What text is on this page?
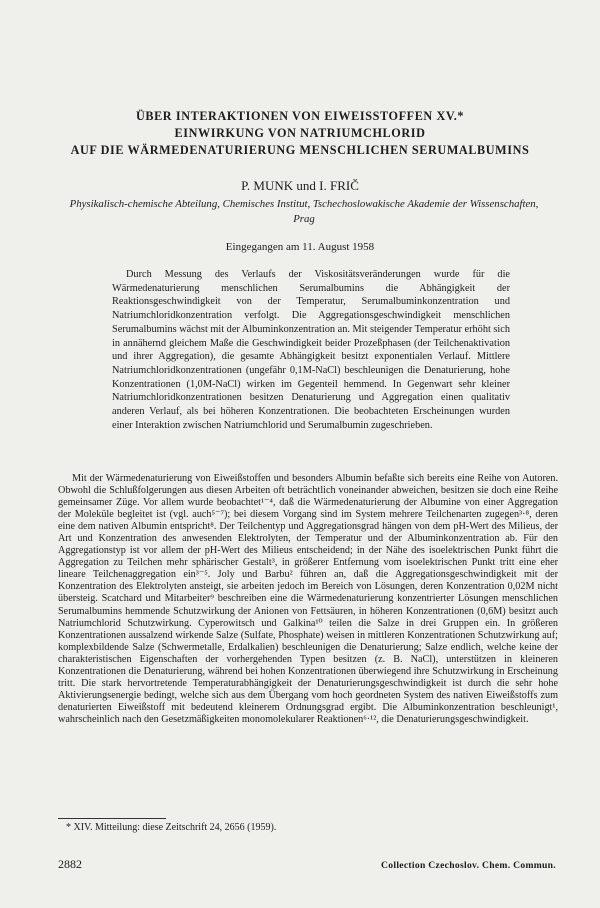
ÜBER INTERAKTIONEN VON EIWEISSTOFFEN XV.*
EINWIRKUNG VON NATRIUMCHLORID
AUF DIE WÄRMEDENATURIERUNG MENSCHLICHEN SERUMALBUMINS
P. MUNK und I. FRIČ
Physikalisch-chemische Abteilung, Chemisches Institut, Tschechoslowakische Akademie der Wissenschaften, Prag
Eingegangen am 11. August 1958

Durch Messung des Verlaufs der Viskositätsveränderungen wurde für die Wärmedenaturierung menschlichen Serumalbumins die Abhängigkeit der Reaktionsgeschwindigkeit von der Temperatur, Serumalbuminkonzentration und Natriumchloridkonzentration verfolgt. Die Aggregationsgeschwindigkeit menschlichen Serumalbumins wächst mit der Albuminkonzentration an. Mit steigender Temperatur erhöht sich in annähernd gleichem Maße die Geschwindigkeit beider Prozeßphasen (der Teilchenaktivation und ihrer Aggregation), die gesamte Abhängigkeit besitzt exponentialen Verlauf. Mittlere Natriumchloridkonzentrationen (ungefähr 0,1M-NaCl) beschleunigen die Denaturierung, hohe Konzentrationen (1,0M-NaCl) wirken im Gegenteil hemmend. In Gegenwart sehr kleiner Natriumchloridkonzentrationen besitzen Denaturierung und Aggregation einen qualitativ anderen Verlauf, als bei höheren Konzentrationen. Die beobachteten Erscheinungen wurden einer Interaktion zwischen Natriumchlorid und Serumalbumin zugeschrieben.

Mit der Wärmedenaturierung von Eiweißstoffen und besonders Albumin befaßte sich bereits eine Reihe von Autoren. Obwohl die Schlußfolgerungen aus diesen Arbeiten oft beträchtlich voneinander abweichen, besitzen sie doch eine Reihe gemeinsamer Züge. Vor allem wurde beobachtet¹⁻⁴, daß die Wärmedenaturierung der Albumine von einer Aggregation der Moleküle begleitet ist (vgl. auch⁵⁻⁷); bei diesem Vorgang sind im System mehrere Teilchenarten zugegen³·⁸, deren eine dem nativen Albumin entspricht⁸. Der Teilchentyp und Aggregationsgrad hängen von dem pH-Wert des Milieus, der Art und Konzentration des anwesenden Elektrolyten, der Temperatur und der Albuminkonzentration ab. Für den Aggregationstyp ist vor allem der pH-Wert des Milieus entscheidend; in der Nähe des isoelektrischen Punkt führt die Aggregation zu Teilchen mehr sphärischer Gestalt³, in größerer Entfernung vom isoelektrischen Punkt tritt eine eher lineare Teilchenaggregation ein³⁻⁵. Joly und Barbu² führen an, daß die Aggregationsgeschwindigkeit mit der Konzentration des Elektrolyten ansteigt, sie arbeiten jedoch im Bereich von Lösungen, deren Konzentration 0,02M nicht übersteig. Scatchard und Mitarbeiter⁹ beschreiben eine die Wärmedenaturierung konzentrierter Lösungen menschlichen Serumalbumins hemmende Schutzwirkung der Anionen von Fettsäuren, in höheren Konzentrationen (0,6M) besitzt auch Natriumchlorid Schutzwirkung. Cyperowitsch und Galkina¹⁰ teilen die Salze in drei Gruppen ein. In größeren Konzentrationen aussalzend wirkende Salze (Sulfate, Phosphate) weisen in mittleren Konzentrationen Schutzwirkung auf; komplexbildende Salze (Schwermetalle, Erdalkalien) beschleunigen die Denaturierung; Salze endlich, welche keine der charakteristischen Eigenschaften der vorhergehenden Typen besitzen (z. B. NaCl), unterstützen in kleineren Konzentrationen die Denaturierung, während bei hohen Konzentrationen überwiegend ihre Schutzwirkung in Erscheinung tritt. Die stark hervortretende Temperaturabhängigkeit der Denaturierungsgeschwindigkeit ist durch die sehr hohe Aktivierungsenergie bedingt, welche sich aus dem Übergang vom hoch geordneten System des nativen Eiweißstoffs zum denaturierten Eiweißstoff mit bedeutend kleinerem Ordnungsgrad ergibt. Die Albuminkonzentration beschleunigt¹, wahrscheinlich nach den Gesetzmäßigkeiten monomolekularer Reaktionen⁶·¹², die Denaturierungsgeschwindigkeit.

* XIV. Mitteilung: diese Zeitschrift 24, 2656 (1959).
2882	Collection Czechoslov. Chem. Commun.
